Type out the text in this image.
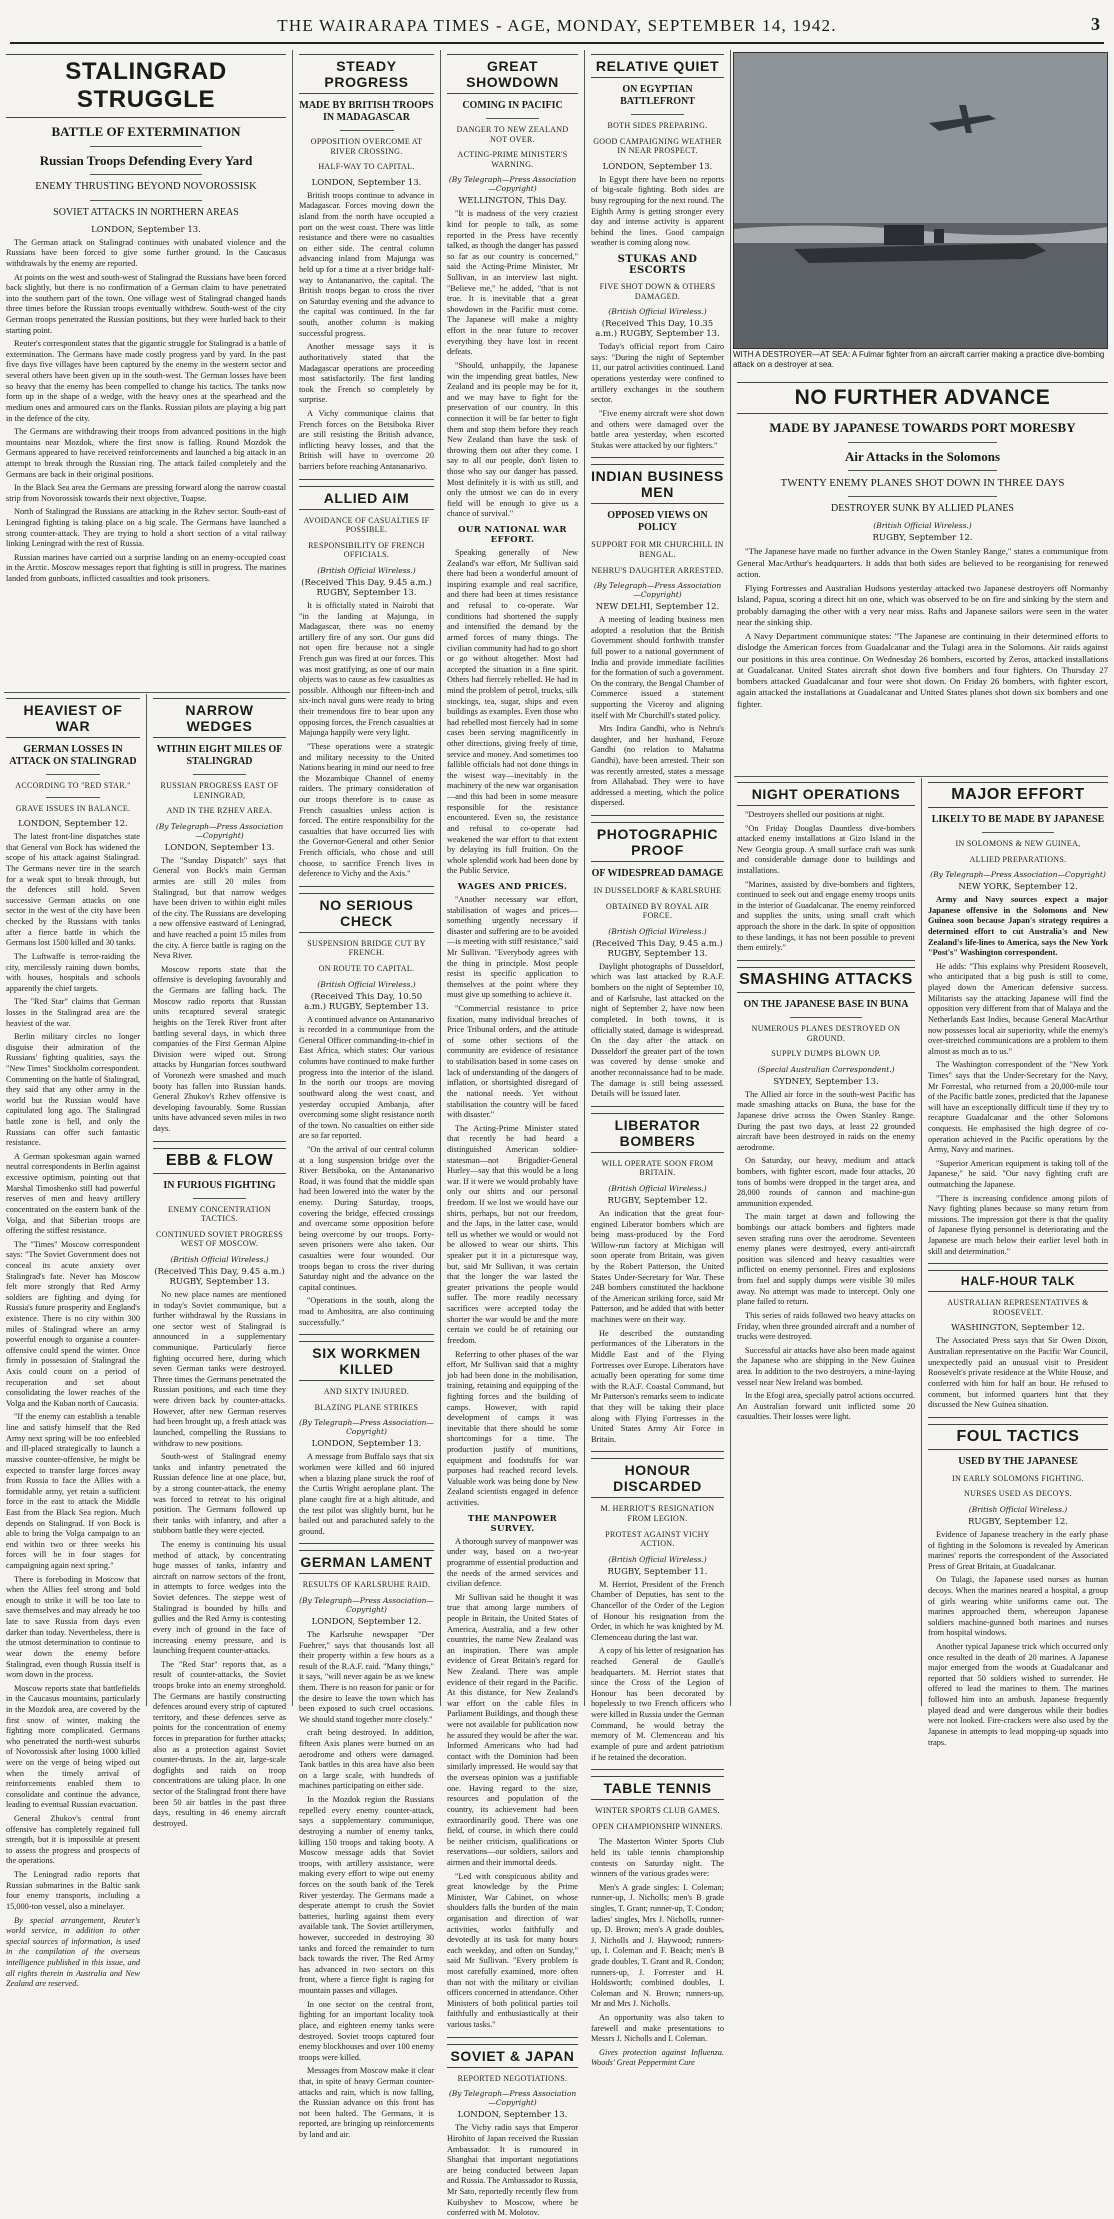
THE WAIRARAPA TIMES - AGE, MONDAY, SEPTEMBER 14, 1942.	3
STALINGRAD STRUGGLE
BATTLE OF EXTERMINATION
Russian Troops Defending Every Yard
ENEMY THRUSTING BEYOND NOVOROSSISK
SOVIET ATTACKS IN NORTHERN AREAS
LONDON, September 13.

The German attack on Stalingrad continues with unabated violence and the Russians have been forced to give some further ground. In the Caucasus withdrawals by the enemy are reported.

At points on the west and south-west of Stalingrad the Russians have been forced back slightly, but there is no confirmation of a German claim to have penetrated into the southern part of the town. One village west of Stalingrad changed hands three times before the Russian troops eventually withdrew. South-west of the city German troops penetrated the Russian positions, but they were hurled back to their starting point.

Reuter's correspondent states that the gigantic struggle for Stalingrad is a battle of extermination. The Germans have made costly progress yard by yard. In the past five days five villages have been captured by the enemy in the western sector and several others have been given up in the south-west. The German losses have been so heavy that the enemy has been compelled to change his tactics. The tanks now form up in the shape of a wedge, with the heavy ones at the spearhead and the medium ones and armoured cars on the flanks. Russian pilots are playing a big part in the defence of the city.

The Germans are withdrawing their troops from advanced positions in the high mountains near Mozdok, where the first snow is falling. Round Mozdok the Germans appeared to have received reinforcements and launched a big attack in an attempt to break through the Russian ring. The attack failed completely and the Germans are back in their original positions.

In the Black Sea area the Germans are pressing forward along the narrow coastal strip from Novorossisk towards their next objective, Tuapse.

North of Stalingrad the Russians are attacking in the Rzhev sector. South-east of Leningrad fighting is taking place on a big scale. The Germans have launched a strong counter-attack. They are trying to hold a short section of a vital railway linking Leningrad with the rest of Russia.

Russian marines have carried out a surprise landing on an enemy-occupied coast in the Arctic. Moscow messages report that fighting is still in progress. The marines landed from gunboats, inflicted casualties and took prisoners.

HEAVIEST OF WAR
GERMAN LOSSES IN ATTACK ON STALINGRAD
ACCORDING TO "RED STAR."
GRAVE ISSUES IN BALANCE.
LONDON, September 12.

The latest front-line dispatches state that General von Bock has widened the scope of his attack against Stalingrad. The Germans never tire in the search for a weak spot to break through, but the defences still hold. Seven successive German attacks on one sector in the west of the city have been checked by the Russians with tanks after a fierce battle in which the Germans lost 1500 killed and 30 tanks.

The Luftwaffe is terror-raiding the city, mercilessly raining down bombs, with houses, hospitals and schools apparently the chief targets.

The "Red Star" claims that German losses in the Stalingrad area are the heaviest of the war.

Berlin military circles no longer disguise their admiration of the Russians' fighting qualities, says the "New Times" Stockholm correspondent. Commenting on the battle of Stalingrad, they said that any other army in the world but the Russian would have capitulated long ago. The Stalingrad battle zone is hell, and only the Russians can offer such fantastic resistance.

A German spokesman again warned neutral correspondents in Berlin against excessive optimism, pointing out that Marshal Timoshenko still had powerful reserves of men and heavy artillery concentrated on the eastern bank of the Volga, and that Siberian troops are offering the stiffest resistance.

The "Times" Moscow correspondent says: "The Soviet Government does not conceal its acute anxiety over Stalingrad's fate. Never has Moscow felt more strongly that Red Army soldiers are fighting and dying for Russia's future prosperity and England's existence. There is no city within 300 miles of Stalingrad where an army powerful enough to organise a counter-offensive could spend the winter. Once firmly in possession of Stalingrad the Axis could count on a period of recuperation and set about consolidating the lower reaches of the Volga and the Kuban north of Caucasia.

"If the enemy can establish a tenable line and satisfy himself that the Red Army next spring will be too enfeebled and ill-placed strategically to launch a massive counter-offensive, he might be expected to transfer large forces away from Russia to face the Allies with a formidable army, yet retain a sufficient force in the east to attack the Middle East from the Black Sea region. Much depends on Stalingrad. If von Bock is able to bring the Volga campaign to an end within two or three weeks his forces will be in four stages for campaigning again next spring."

There is foreboding in Moscow that when the Allies feel strong and bold enough to strike it will be too late to save themselves and may already be too late to save Russia from days even darker than today. Nevertheless, there is the utmost determination to continue to wear down the enemy before Stalingrad, even though Russia itself is worn down in the process.

Moscow reports state that battlefields in the Caucasus mountains, particularly in the Mozdok area, are covered by the first snow of winter, making the fighting more complicated. Germans who penetrated the north-west suburbs of Novorossisk after losing 1000 killed were on the verge of being wiped out when the timely arrival of reinforcements enabled them to consolidate and continue the advance, leading to eventual Russian evacuation.

General Zhukov's central front offensive has completely regained full strength, but it is impossible at present to assess the progress and prospects of the operations.

The Leningrad radio reports that Russian submarines in the Baltic sank four enemy transports, including a 15,000-ton vessel, also a minelayer.

By special arrangement, Reuter's world service, in addition to other special sources of information, is used in the compilation of the overseas intelligence published in this issue, and all rights therein in Australia and New Zealand are reserved.

NARROW WEDGES
WITHIN EIGHT MILES OF STALINGRAD
RUSSIAN PROGRESS EAST OF LENINGRAD,
AND IN THE RZHEV AREA.
(By Telegraph—Press Association—Copyright)
LONDON, September 13.

The "Sunday Dispatch" says that General von Bock's main German armies are still 20 miles from Stalingrad, but that narrow wedges have been driven to within eight miles of the city. The Russians are developing a new offensive eastward of Leningrad, and have reached a point 15 miles from the city. A fierce battle is raging on the Neva River.

Moscow reports state that the offensive is developing favourably and the Germans are falling back. The Moscow radio reports that Russian units recaptured several strategic heights on the Terek River front after battling several days, in which three companies of the First German Alpine Division were wiped out. Strong attacks by Hungarian forces southward of Voronezh were smashed and much booty has fallen into Russian hands. General Zhukov's Rzhev offensive is developing favourably. Some Russian units have advanced seven miles in two days.

EBB & FLOW
IN FURIOUS FIGHTING
ENEMY CONCENTRATION TACTICS.
CONTINUED SOVIET PROGRESS WEST OF MOSCOW.
(British Official Wireless.)
(Received This Day, 9.45 a.m.) RUGBY, September 13.

No new place names are mentioned in today's Soviet communique, but a further withdrawal by the Russians in one sector west of Stalingrad is announced in a supplementary communique. Particularly fierce fighting occurred here, during which seven German tanks were destroyed. Three times the Germans penetrated the Russian positions, and each time they were driven back by counter-attacks. However, after new German reserves had been brought up, a fresh attack was launched, compelling the Russians to withdraw to new positions.

South-west of Stalingrad enemy tanks and infantry penetrated the Russian defence line at one place, but, by a strong counter-attack, the enemy was forced to retreat to his original position. The Germans followed up their tanks with infantry, and after a stubborn battle they were ejected.

The enemy is continuing his usual method of attack, by concentrating huge masses of tanks, infantry and aircraft on narrow sectors of the front, in attempts to force wedges into the Soviet defences. The steppe west of Stalingrad is bounded by hills and gullies and the Red Army is contesting every inch of ground in the face of increasing enemy pressure, and is launching frequent counter-attacks.

The "Red Star" reports that, as a result of counter-attacks, the Soviet troops broke into an enemy stronghold. The Germans are hastily constructing defences around every strip of captured territory, and these defences serve as points for the concentration of enemy forces in preparation for further attacks; also as a protection against Soviet counter-thrusts. In the air, large-scale dogfights and raids on troop concentrations are taking place. In one sector of the Stalingrad front there have been 50 air battles in the past three days, resulting in 46 enemy aircraft destroyed.

STEADY PROGRESS
MADE BY BRITISH TROOPS IN MADAGASCAR
OPPOSITION OVERCOME AT RIVER CROSSING.
HALF-WAY TO CAPITAL.
LONDON, September 13.

British troops continue to advance in Madagascar. Forces moving down the island from the north have occupied a port on the west coast. There was little resistance and there were no casualties on either side. The central column advancing inland from Majunga was held up for a time at a river bridge half-way to Antananarivo, the capital. The British troops began to cross the river on Saturday evening and the advance to the capital was continued. In the far south, another column is making successful progress.

Another message says it is authoritatively stated that the Madagascar operations are proceeding most satisfactorily. The first landing took the French so completely by surprise.

A Vichy communique claims that French forces on the Betsiboka River are still resisting the British advance, inflicting heavy losses, and that the British will have to overcome 20 barriers before reaching Antananarivo.

ALLIED AIM
AVOIDANCE OF CASUALTIES IF POSSIBLE.
RESPONSIBILITY OF FRENCH OFFICIALS.
(British Official Wireless.)
(Received This Day, 9.45 a.m.) RUGBY, September 13.

It is officially stated in Nairobi that "in the landing at Majunga, in Madagascar, there was no enemy artillery fire of any sort. Our guns did not open fire because not a single French gun was fired at our forces. This was most gratifying, as one of our main objects was to cause as few casualties as possible. Although our fifteen-inch and six-inch naval guns were ready to bring their tremendous fire to bear upon any opposing forces, the French casualties at Majunga happily were very light.

"These operations were a strategic and military necessity to the United Nations bearing in mind our need to free the Mozambique Channel of enemy raiders. The primary consideration of our troops therefore is to cause as French casualties unless action is forced. The entire responsibility for the casualties that have occurred lies with the Governor-General and other Senior French officials, who chose and still choose, to sacrifice French lives in deference to Vichy and the Axis."

NO SERIOUS CHECK
SUSPENSION BRIDGE CUT BY FRENCH.
ON ROUTE TO CAPITAL.
(British Official Wireless.)
(Received This Day, 10.50 a.m.) RUGBY, September 13.

A continued advance on Antananarivo is recorded in a communique from the General Officer commanding-in-chief in East Africa, which states: Our various columns have continued to make further progress into the interior of the island. In the north our troops are moving southward along the west coast, and yesterday occupied Ambanja, after overcoming some slight resistance north of the town. No casualties on either side are so far reported.

"On the arrival of our central column at a long suspension bridge over the River Betsiboka, on the Antananarivo Road, it was found that the middle span had been lowered into the water by the enemy. During Saturday, troops, covering the bridge, effected crossings and overcame some opposition before being overcome by our troops. Forty-seven prisoners were also taken. Our casualties were four wounded. Our troops began to cross the river during Saturday night and the advance on the capital continues.

"Operations in the south, along the road to Ambositra, are also continuing successfully."

SIX WORKMEN KILLED
AND SIXTY INJURED.
BLAZING PLANE STRIKES
(By Telegraph—Press Association—Copyright)
LONDON, September 13.

A message from Buffalo says that six workmen were killed and 60 injured when a blazing plane struck the roof of the Curtis Wright aeroplane plant. The plane caught fire at a high altitude, and the test pilot was slightly burnt, but he bailed out and parachuted safely to the ground.

GERMAN LAMENT
RESULTS OF KARLSRUHE RAID.
(By Telegraph—Press Association—Copyright)
LONDON, September 12.

The Karlsruhe newspaper "Der Fuehrer," says that thousands lost all their property within a few hours as a result of the R.A.F. raid. "Many things," it says, "will never again be as we knew them. There is no reason for panic or for the desire to leave the town which has been exposed to such cruel occasions. We should stand together more closely."

craft being destroyed. In addition, fifteen Axis planes were burned on an aerodrome and others were damaged. Tank battles in this area have also been on a large scale, with hundreds of machines participating on either side.

In the Mozdok region the Russians repelled every enemy counter-attack, says a supplementary communique, destroying a number of enemy tanks, killing 150 troops and taking booty. A Moscow message adds that Soviet troops, with artillery assistance, were making every effort to wipe out enemy forces on the south bank of the Terek River yesterday. The Germans made a desperate attempt to crush the Soviet batteries, hurling against them every available tank. The Soviet artillerymen, however, succeeded in destroying 30 tanks and forced the remainder to turn back towards the river. The Red Army has advanced in two sectors on this front, where a fierce fight is raging for mountain passes and villages.

In one sector on the central front, fighting for an important locality took place, and eighteen enemy tanks were destroyed. Soviet troops captured four enemy blockhouses and over 100 enemy troops were killed.

Messages from Moscow make it clear that, in spite of heavy German counter-attacks and rain, which is now falling, the Russian advance on this front has not been halted. The Germans, it is reported, are bringing up reinforcements by land and air.

GREAT SHOWDOWN
COMING IN PACIFIC
DANGER TO NEW ZEALAND NOT OVER.
ACTING-PRIME MINISTER'S WARNING.
(By Telegraph—Press Association—Copyright)
WELLINGTON, This Day.

"It is madness of the very craziest kind for people to talk, as some reported in the Press have recently talked, as though the danger has passed so far as our country is concerned," said the Acting-Prime Minister, Mr Sullivan, in an interview last night. "Believe me," he added, "that is not true. It is inevitable that a great showdown in the Pacific must come. The Japanese will make a mighty effort in the near future to recover everything they have lost in recent defeats.

"Should, unhappily, the Japanese win the impending great battles, New Zealand and its people may be for it, and we may have to fight for the preservation of our country. In this connection it will be far better to fight them and stop them before they reach New Zealand than have the task of throwing them out after they come. I say to all our people, don't listen to those who say our danger has passed. Most definitely it is with us still, and only the utmost we can do in every field will be enough to give us a chance of survival."

OUR NATIONAL WAR EFFORT.

Speaking generally of New Zealand's war effort, Mr Sullivan said there had been a wonderful amount of inspiring example and real sacrifice, and there had been at times resistance and refusal to co-operate. War conditions had shortened the supply and intensified the demand by the armed forces of many things. The civilian community had had to go short or go without altogether. Most had accepted the situation in a fine spirit. Others had fiercely rebelled. He had in mind the problem of petrol, trucks, silk stockings, tea, sugar, ships and even buildings as examples. Even those who had rebelled most fiercely had in some cases been serving magnificently in other directions, giving freely of time, service and money. And sometimes too fallible officials had not done things in the wisest way—inevitably in the machinery of the new war organisation—and this had been in some measure responsible for the resistance encountered. Even so, the resistance and refusal to co-operate had weakened the war effort to that extent by delaying its full fruition. On the whole splendid work had been done by the Public Service.

WAGES AND PRICES.

"Another necessary war effort, stabilisation of wages and prices—something urgently necessary if disaster and suffering are to be avoided—is meeting with stiff resistance," said Mr Sullivan. "Everybody agrees with the thing in principle. Most people resist its specific application to themselves at the point where they must give up something to achieve it.

"Commercial resistance to price fixation, many individual breaches of Price Tribunal orders, and the attitude of some other sections of the community are evidence of resistance to stabilisation based in some cases on lack of understanding of the dangers of inflation, or shortsighted disregard of the national needs. Yet without stabilisation the country will be faced with disaster."

The Acting-Prime Minister stated that recently he had heard a distinguished American soldier-statesman—not Brigadier-General Hurley—say that this would be a long war. If it were we would probably have only our shirts and our personal freedom. If we lost we would have our shirts, perhaps, but not our freedom, and the Japs, in the latter case, would tell us whether we would or would not be allowed to wear our shirts. This speaker put it in a picturesque way, but, said Mr Sullivan, it was certain that the longer the war lasted the greater privations the people would suffer. The more readily necessary sacrifices were accepted today the shorter the war would be and the more certain we could be of retaining our freedom.

Referring to other phases of the war effort, Mr Sullivan said that a mighty job had been done in the mobilisation, training, retaining and equipping of the fighting forces and the building of camps. However, with rapid development of camps it was inevitable that there should be some shortcomings for a time. The production justify of munitions, equipment and foodstuffs for war purposes had reached record levels. Valuable work was being done by New Zealand scientists engaged in defence activities.

THE MANPOWER SURVEY.

A thorough survey of manpower was under way, based on a two-year programme of essential production and the needs of the armed services and civilian defence.

Mr Sullivan said he thought it was true that among large numbers of people in Britain, the United States of America, Australia, and a few other countries, the name New Zealand was an inspiration. There was ample evidence of Great Britain's regard for New Zealand. There was ample evidence of their regard in the Pacific. At this distance, for New Zealand's war effort on the cable files in Parliament Buildings, and though these were not available for publication now he assured they would be after the war. Informed Americans who had had contact with the Dominion had been similarly impressed. He would say that the overseas opinion was a justifiable one. Having regard to the size, resources and population of the country, its achievement had been extraordinarily good. There was one field, of course, in which there could be neither criticism, qualifications or reservations—our soldiers, sailors and airmen and their immortal deeds.

"Led with conspicuous ability and great knowledge by the Prime Minister, War Cabinet, on whose shoulders falls the burden of the main organisation and direction of war activities, works faithfully and devotedly at its task for many hours each weekday, and often on Sunday," said Mr Sullivan. "Every problem is most carefully examined, more often than not with the military or civilian officers concerned in attendance. Other Ministers of both political parties toil faithfully and enthusiastically at their various tasks."

SOVIET & JAPAN
REPORTED NEGOTIATIONS.
(By Telegraph—Press Association—Copyright)
LONDON, September 13.

The Vichy radio says that Emperor Hirohito of Japan received the Russian Ambassador. It is rumoured in Shanghai that important negotiations are being conducted between Japan and Russia. The Ambassador to Russia, Mr Sato, reportedly recently flew from Kuibyshev to Moscow, where he conferred with M. Molotov.

RELATIVE QUIET
ON EGYPTIAN BATTLEFRONT
BOTH SIDES PREPARING.
GOOD CAMPAIGNING WEATHER IN NEAR PROSPECT.
LONDON, September 13.

In Egypt there have been no reports of big-scale fighting. Both sides are busy regrouping for the next round. The Eighth Army is getting stronger every day and intense activity is apparent behind the lines. Good campaign weather is coming along now.

STUKAS AND ESCORTS
FIVE SHOT DOWN & OTHERS DAMAGED.
(British Official Wireless.)
(Received This Day, 10.35 a.m.) RUGBY, September 13.

Today's official report from Cairo says: "During the night of September 11, our patrol activities continued. Land operations yesterday were confined to artillery exchanges in the southern sector.

"Five enemy aircraft were shot down and others were damaged over the battle area yesterday, when escorted Stukas were attacked by our fighters."

INDIAN BUSINESS MEN
OPPOSED VIEWS ON POLICY
SUPPORT FOR MR CHURCHILL IN BENGAL.
NEHRU'S DAUGHTER ARRESTED.
(By Telegraph—Press Association—Copyright)
NEW DELHI, September 12.

A meeting of leading business men adopted a resolution that the British Government should forthwith transfer full power to a national government of India and provide immediate facilities for the formation of such a government. On the contrary, the Bengal Chamber of Commerce issued a statement supporting the Viceroy and aligning itself with Mr Churchill's stated policy.

Mrs Indira Gandhi, who is Nehru's daughter, and her husband, Feroze Gandhi (no relation to Mahatma Gandhi), have been arrested. Their son was recently arrested, states a message from Allahabad. They were to have addressed a meeting, which the police dispersed.

PHOTOGRAPHIC PROOF
OF WIDESPREAD DAMAGE
IN DUSSELDORF & KARLSRUHE
OBTAINED BY ROYAL AIR FORCE.
(British Official Wireless.)
(Received This Day, 9.45 a.m.) RUGBY, September 13.

Daylight photographs of Dusseldorf, which was last attacked by R.A.F. bombers on the night of September 10, and of Karlsruhe, last attacked on the night of September 2, have now been completed. In both towns, it is officially stated, damage is widespread. On the day after the attack on Dusseldorf the greater part of the town was covered by dense smoke and another reconnaissance had to be made. The damage is still being assessed. Details will be issued later.

LIBERATOR BOMBERS
WILL OPERATE SOON FROM BRITAIN.
(British Official Wireless.)
RUGBY, September 12.

An indication that the great four-engined Liberator bombers which are being mass-produced by the Ford Willow-run factory at Michigan will soon operate from Britain, was given by the Robert Patterson, the United States Under-Secretary for War. These 24B bombers constituted the backbone of the American striking force, said Mr Patterson, and he added that with better machines were on their way.

He described the outstanding performances of the Liberators in the Middle East and of the Flying Fortresses over Europe. Liberators have actually been operating for some time with the R.A.F. Coastal Command, but Mr Patterson's remarks seem to indicate that they will be taking their place along with Flying Fortresses in the United States Army Air Force in Britain.

HONOUR DISCARDED
M. HERRIOT'S RESIGNATION FROM LEGION.
PROTEST AGAINST VICHY ACTION.
(British Official Wireless.)
RUGBY, September 11.

M. Herriot, President of the French Chamber of Deputies, has sent to the Chancellor of the Order of the Legion of Honour his resignation from the Order, in which he was knighted by M. Clemenceau during the last war.

A copy of his letter of resignation has reached General de Gaulle's headquarters. M. Herriot states that since the Cross of the Legion of Honour has been decorated by hopelessly to two French officers who were killed in Russia under the German Command, he would betray the memory of M. Clemenceau and his example of pure and ardent patriotism if he retained the decoration.

TABLE TENNIS
WINTER SPORTS CLUB GAMES.
OPEN CHAMPIONSHIP WINNERS.

The Masterton Winter Sports Club held its table tennis championship contests on Saturday night. The winners of the various grades were:

Men's A grade singles: I. Coleman; runner-up, J. Nicholls; men's B grade singles, T. Grant; runner-up, T. Condon; ladies' singles, Mrs J. Nicholls, runner-up, D. Brown; men's A grade doubles, J. Nicholls and J. Haywood; runners-up, I. Coleman and F. Beach; men's B grade doubles, T. Grant and R. Condon; runners-up, J. Forrester and H. Holdsworth; combined doubles, I. Coleman and N. Brown; runners-up, Mr and Mrs J. Nicholls.

An opportunity was also taken to farewell and make presentations to Messrs J. Nicholls and I. Coleman.

Gives protection against Influenza. Woods' Great Peppermint Cure

WITH A DESTROYER—AT SEA: A Fulmar fighter from an aircraft carrier making a practice dive-bombing attack on a destroyer at sea.
NO FURTHER ADVANCE
MADE BY JAPANESE TOWARDS PORT MORESBY
Air Attacks in the Solomons
TWENTY ENEMY PLANES SHOT DOWN IN THREE DAYS
DESTROYER SUNK BY ALLIED PLANES
(British Official Wireless.)
RUGBY, September 12.

"The Japanese have made no further advance in the Owen Stanley Range," states a communique from General MacArthur's headquarters. It adds that both sides are believed to be reorganising for renewed action.

Flying Fortresses and Australian Hudsons yesterday attacked two Japanese destroyers off Normanby Island, Papua, scoring a direct hit on one, which was observed to be on fire and sinking by the stern and probably damaging the other with a very near miss. Rafts and Japanese sailors were seen in the water near the sinking ship.

A Navy Department communique states: "The Japanese are continuing in their determined efforts to dislodge the American forces from Guadalcanar and the Tulagi area in the Solomons. Air raids against our positions in this area continue. On Wednesday 26 bombers, escorted by Zeros, attacked installations at Guadalcanar. United States aircraft shot down five bombers and four fighters. On Thursday 27 bombers attacked Guadalcanar and four were shot down. On Friday 26 bombers, with fighter escort, again attacked the installations at Guadalcanar and United States planes shot down six bombers and one fighter.

NIGHT OPERATIONS

"Destroyers shelled our positions at night.

"On Friday Douglas Dauntless dive-bombers attacked enemy installations at Gizo Island in the New Georgia group. A small surface craft was sunk and considerable damage done to buildings and installations.

"Marines, assisted by dive-bombers and fighters, continued to seek out and engage enemy troops units in the interior of Guadalcanar. The enemy reinforced and supplies the units, using small craft which approach the shore in the dark. In spite of opposition to these landings, it has not been possible to prevent them entirely."

SMASHING ATTACKS
ON THE JAPANESE BASE IN BUNA
NUMEROUS PLANES DESTROYED ON GROUND.
SUPPLY DUMPS BLOWN UP.
(Special Australian Correspondent.)
SYDNEY, September 13.

The Allied air force in the south-west Pacific has made smashing attacks on Buna, the base for the Japanese drive across the Owen Stanley Range. During the past two days, at least 22 grounded aircraft have been destroyed in raids on the enemy aerodrome.

On Saturday, our heavy, medium and attack bombers, with fighter escort, made four attacks, 20 tons of bombs were dropped in the target area, and 28,000 rounds of cannon and machine-gun ammunition expended.

The main target at dawn and following the bombings our attack bombers and fighters made seven strafing runs over the aerodrome. Seventeen enemy planes were destroyed, every anti-aircraft position was silenced and heavy casualties were inflicted on enemy personnel. Fires and explosions from fuel and supply dumps were visible 30 miles away. No attempt was made to intercept. Only one plane failed to return.

This series of raids followed two heavy attacks on Friday, when three grounded aircraft and a number of trucks were destroyed.

Successful air attacks have also been made against the Japanese who are shipping in the New Guinea area. In addition to the two destroyers, a mine-laying vessel near New Ireland was bombed.

In the Efogi area, specially patrol actions occurred. An Australian forward unit inflicted some 20 casualties. Their losses were light.

MAJOR EFFORT
LIKELY TO BE MADE BY JAPANESE
IN SOLOMONS & NEW GUINEA,
ALLIED PREPARATIONS.
(By Telegraph—Press Association—Copyright)
NEW YORK, September 12.

Army and Navy sources expect a major Japanese offensive in the Solomons and New Guinea soon because Japan's strategy requires a determined effort to cut Australia's and New Zealand's life-lines to America, says the New York "Post's" Washington correspondent.

He adds: "This explains why President Roosevelt, who anticipated that a big push is still to come, played down the American defensive success. Militarists say the attacking Japanese will find the opposition very different from that of Malaya and the Netherlands East Indies, because General MacArthur now possesses local air superiority, while the enemy's over-stretched communications are a problem to them almost as much as to us."

The Washington correspondent of the "New York Times" says that the Under-Secretary for the Navy, Mr Forrestal, who returned from a 20,000-mile tour of the Pacific battle zones, predicted that the Japanese will have an exceptionally difficult time if they try to recapture Guadalcanar and the other Solomons conquests. He emphasised the high degree of co-operation achieved in the Pacific operations by the Army, Navy and marines.

"Superior American equipment is taking toll of the Japanese," he said. "Our navy fighting craft are outmatching the Japanese.

"There is increasing confidence among pilots of Navy fighting planes because so many return from missions. The impression got there is that the quality of Japanese flying personnel is deteriorating and the Japanese are much below their earlier level both in skill and determination."

HALF-HOUR TALK
AUSTRALIAN REPRESENTATIVES & ROOSEVELT.
WASHINGTON, September 12.

The Associated Press says that Sir Owen Dixon, Australian representative on the Pacific War Council, unexpectedly paid an unusual visit to President Roosevelt's private residence at the White House, and conferred with him for half an hour. He refused to comment, but informed quarters hint that they discussed the New Guinea situation.

FOUL TACTICS
USED BY THE JAPANESE
IN EARLY SOLOMONS FIGHTING.
NURSES USED AS DECOYS.
(British Official Wireless.)
RUGBY, September 12.

Evidence of Japanese treachery in the early phase of fighting in the Solomons is revealed by American marines' reports the correspondent of the Associated Press of Great Britain, at Guadalcanar.

On Tulagi, the Japanese used nurses as human decoys. When the marines neared a hospital, a group of girls wearing white uniforms came out. The marines approached them, whereupon Japanese soldiers machine-gunned both marines and nurses from hospital windows.

Another typical Japanese trick which occurred only once resulted in the death of 20 marines. A Japanese major emerged from the woods at Guadalcanar and reported that 50 soldiers wished to surrender. He offered to lead the marines to them. The marines followed him into an ambush. Japanese frequently played dead and were dangerous while their bodies were not looked. Fire-crackers were also used by the Japanese in attempts to lead mopping-up squads into traps.
